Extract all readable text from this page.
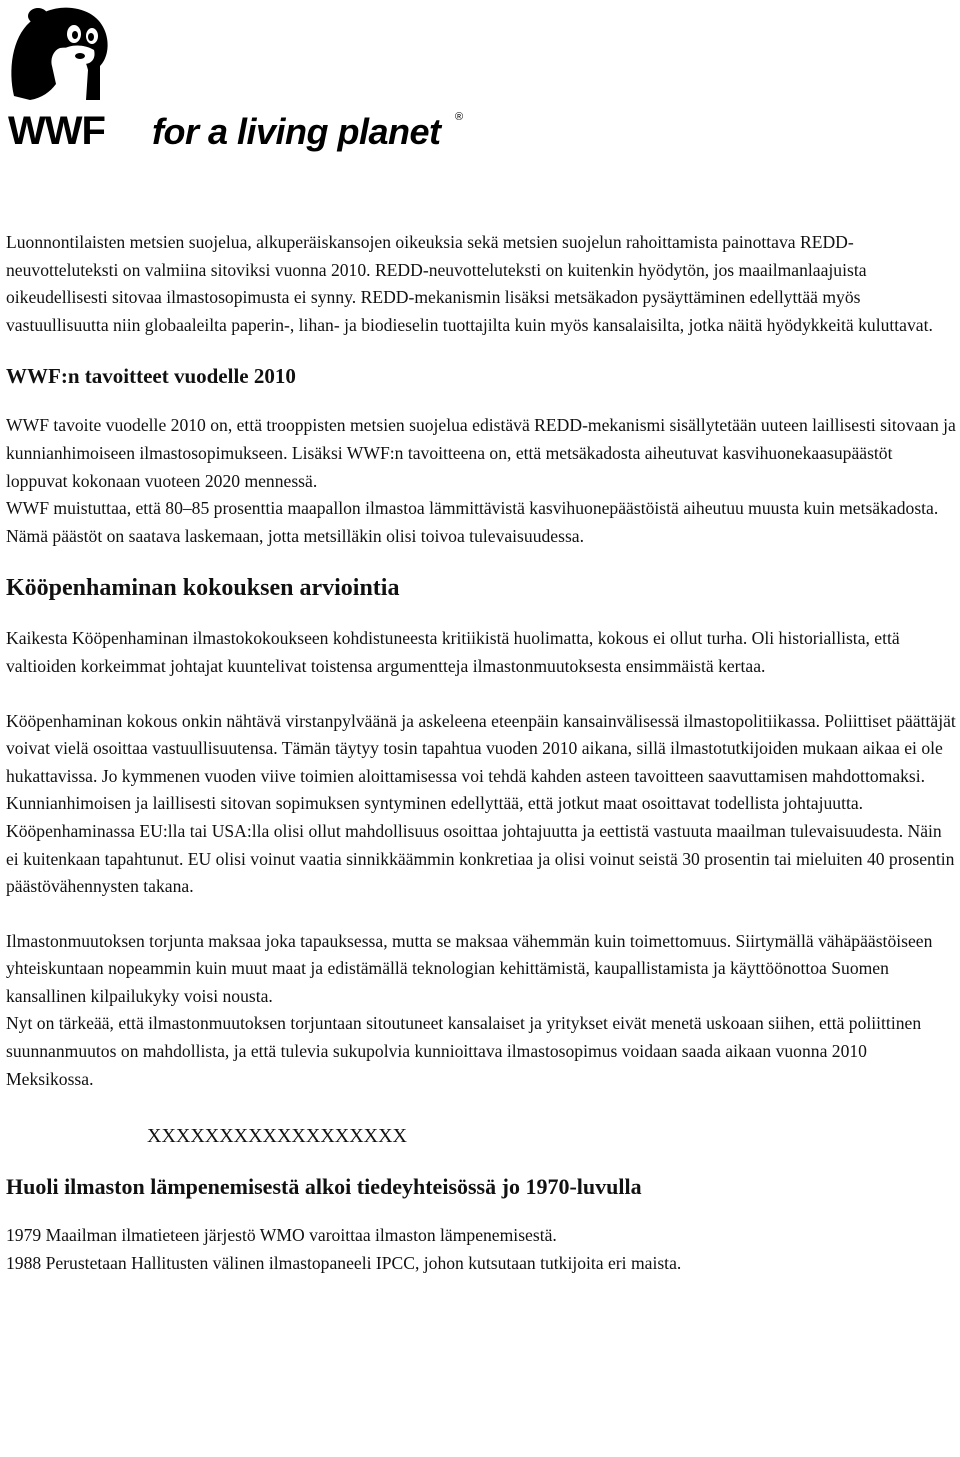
WWF for a living planet ®

Luonnontilaisten metsien suojelua, alkuperäiskansojen oikeuksia sekä metsien suojelun rahoittamista painottava REDD-neuvotteluteksti on valmiina sitoviksi vuonna 2010. REDD-neuvotteluteksti on kuitenkin hyödytön, jos maailmanlaajuista oikeudellisesti sitovaa ilmastosopimusta ei synny. REDD-mekanismin lisäksi metsäkadon pysäyttäminen edellyttää myös vastuullisuutta niin globaaleilta paperin-, lihan- ja biodieselin tuottajilta kuin myös kansalaisilta, jotka näitä hyödykkeitä kuluttavat.

WWF:n tavoitteet vuodelle 2010

WWF tavoite vuodelle 2010 on, että trooppisten metsien suojelua edistävä REDD-mekanismi sisällytetään uuteen laillisesti sitovaan ja kunnianhimoiseen ilmastosopimukseen. Lisäksi WWF:n tavoitteena on, että metsäkadosta aiheutuvat kasvihuonekaasupäästöt loppuvat kokonaan vuoteen 2020 mennessä.

WWF muistuttaa, että 80–85 prosenttia maapallon ilmastoa lämmittävistä kasvihuonepäästöistä aiheutuu muusta kuin metsäkadosta. Nämä päästöt on saatava laskemaan, jotta metsilläkin olisi toivoa tulevaisuudessa.

Kööpenhaminan kokouksen arviointia

Kaikesta Kööpenhaminan ilmastokokoukseen kohdistuneesta kritiikistä huolimatta, kokous ei ollut turha. Oli historiallista, että valtioiden korkeimmat johtajat kuuntelivat toistensa argumentteja ilmastonmuutoksesta ensimmäistä kertaa.

Kööpenhaminan kokous onkin nähtävä virstanpylväänä ja askeleena eteenpäin kansainvälisessä ilmastopolitiikassa. Poliittiset päättäjät voivat vielä osoittaa vastuullisuutensa. Tämän täytyy tosin tapahtua vuoden 2010 aikana, sillä ilmastotutkijoiden mukaan aikaa ei ole hukattavissa. Jo kymmenen vuoden viive toimien aloittamisessa voi tehdä kahden asteen tavoitteen saavuttamisen mahdottomaksi.

Kunnianhimoisen ja laillisesti sitovan sopimuksen syntyminen edellyttää, että jotkut maat osoittavat todellista johtajuutta. Kööpenhaminassa EU:lla tai USA:lla olisi ollut mahdollisuus osoittaa johtajuutta ja eettistä vastuuta maailman tulevaisuudesta. Näin ei kuitenkaan tapahtunut. EU olisi voinut vaatia sinnikkäämmin konkretiaa ja olisi voinut seistä 30 prosentin tai mieluiten 40 prosentin päästövähennysten takana.

Ilmastonmuutoksen torjunta maksaa joka tapauksessa, mutta se maksaa vähemmän kuin toimettomuus. Siirtymällä vähäpäästöiseen yhteiskuntaan nopeammin kuin muut maat ja edistämällä teknologian kehittämistä, kaupallistamista ja käyttöönottoa Suomen kansallinen kilpailukyky voisi nousta.

Nyt on tärkeää, että ilmastonmuutoksen torjuntaan sitoutuneet kansalaiset ja yritykset eivät menetä uskoaan siihen, että poliittinen suunnanmuutos on mahdollista, ja että tulevia sukupolvia kunnioittava ilmastosopimus voidaan saada aikaan vuonna 2010 Meksikossa.

XXXXXXXXXXXXXXXXXX

Huoli ilmaston lämpenemisestä alkoi tiedeyhteisössä jo 1970-luvulla

1979 Maailman ilmatieteen järjestö WMO varoittaa ilmaston lämpenemisestä.

1988 Perustetaan Hallitusten välinen ilmastopaneeli IPCC, johon kutsutaan tutkijoita eri maista.
